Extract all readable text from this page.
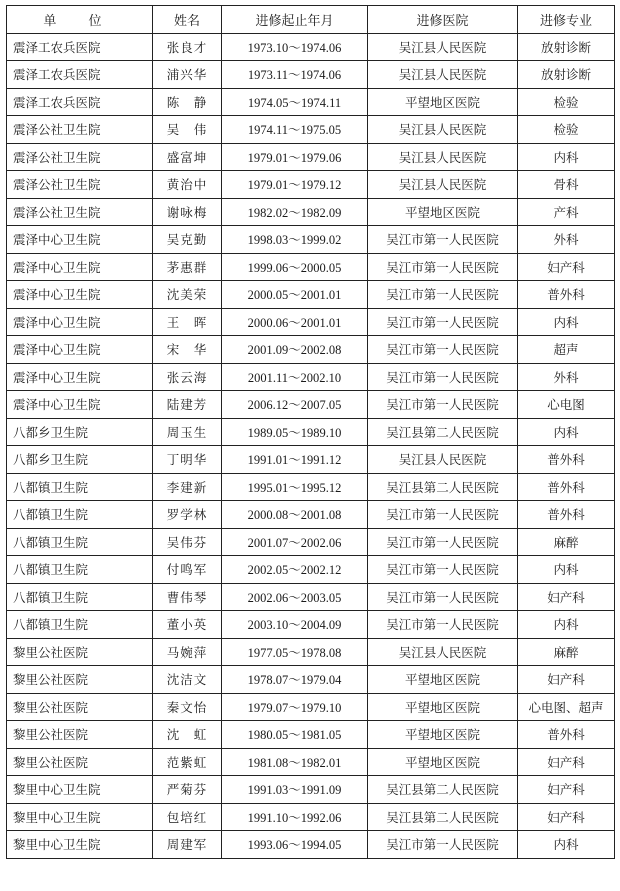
单 位	姓名	进修起止年月	进修医院	进修专业
震泽工农兵医院	张良才	1973.10～1974.06	吴江县人民医院	放射诊断
震泽工农兵医院	浦兴华	1973.11～1974.06	吴江县人民医院	放射诊断
震泽工农兵医院	陈　静	1974.05～1974.11	平望地区医院	检验
震泽公社卫生院	吴　伟	1974.11～1975.05	吴江县人民医院	检验
震泽公社卫生院	盛富坤	1979.01～1979.06	吴江县人民医院	内科
震泽公社卫生院	黄治中	1979.01～1979.12	吴江县人民医院	骨科
震泽公社卫生院	谢咏梅	1982.02～1982.09	平望地区医院	产科
震泽中心卫生院	吴克勤	1998.03～1999.02	吴江市第一人民医院	外科
震泽中心卫生院	茅惠群	1999.06～2000.05	吴江市第一人民医院	妇产科
震泽中心卫生院	沈美荣	2000.05～2001.01	吴江市第一人民医院	普外科
震泽中心卫生院	王　晖	2000.06～2001.01	吴江市第一人民医院	内科
震泽中心卫生院	宋　华	2001.09～2002.08	吴江市第一人民医院	超声
震泽中心卫生院	张云海	2001.11～2002.10	吴江市第一人民医院	外科
震泽中心卫生院	陆建芳	2006.12～2007.05	吴江市第一人民医院	心电图
八都乡卫生院	周玉生	1989.05～1989.10	吴江县第二人民医院	内科
八都乡卫生院	丁明华	1991.01～1991.12	吴江县人民医院	普外科
八都镇卫生院	李建新	1995.01～1995.12	吴江县第二人民医院	普外科
八都镇卫生院	罗学林	2000.08～2001.08	吴江市第一人民医院	普外科
八都镇卫生院	吴伟芬	2001.07～2002.06	吴江市第一人民医院	麻醉
八都镇卫生院	付鸣军	2002.05～2002.12	吴江市第一人民医院	内科
八都镇卫生院	曹伟琴	2002.06～2003.05	吴江市第一人民医院	妇产科
八都镇卫生院	董小英	2003.10～2004.09	吴江市第一人民医院	内科
黎里公社医院	马婉萍	1977.05～1978.08	吴江县人民医院	麻醉
黎里公社医院	沈洁文	1978.07～1979.04	平望地区医院	妇产科
黎里公社医院	秦文怡	1979.07～1979.10	平望地区医院	心电图、超声
黎里公社医院	沈　虹	1980.05～1981.05	平望地区医院	普外科
黎里公社医院	范紫虹	1981.08～1982.01	平望地区医院	妇产科
黎里中心卫生院	严菊芬	1991.03～1991.09	吴江县第二人民医院	妇产科
黎里中心卫生院	包培红	1991.10～1992.06	吴江县第二人民医院	妇产科
黎里中心卫生院	周建军	1993.06～1994.05	吴江市第一人民医院	内科
